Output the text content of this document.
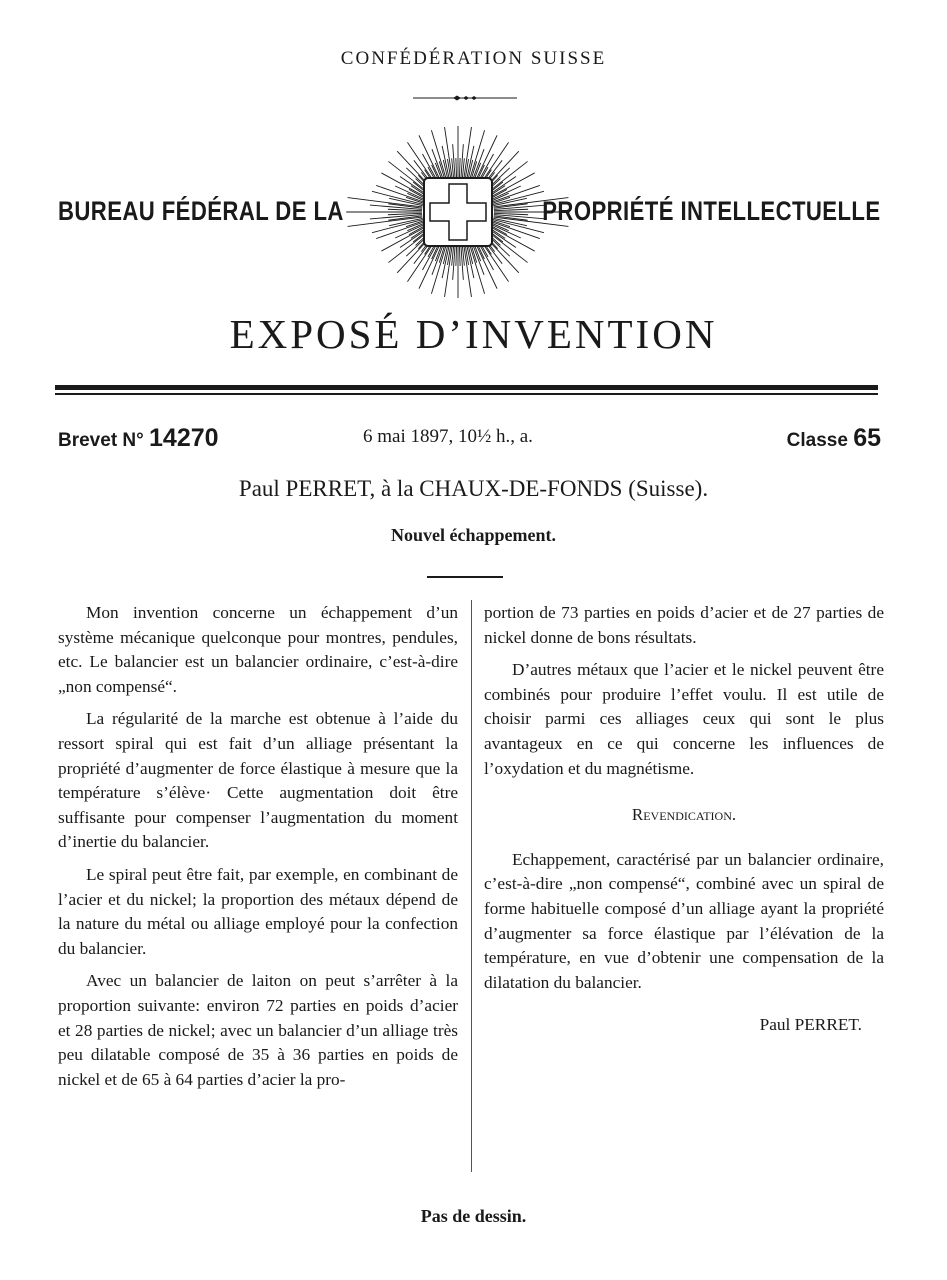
CONFÉDÉRATION SUISSE
BUREAU FÉDÉRAL DE LA	PROPRIÉTÉ INTELLECTUELLE
EXPOSÉ D’INVENTION
Brevet N° 14270	6 mai 1897, 10½ h., a.	Classe 65
Paul PERRET, à la CHAUX-DE-FONDS (Suisse).
Nouvel échappement.

Mon invention concerne un échappement d’un système mécanique quelconque pour montres, pendules, etc. Le balancier est un balancier ordinaire, c’est-à-dire „non compensé“.

La régularité de la marche est obtenue à l’aide du ressort spiral qui est fait d’un alliage présentant la propriété d’augmenter de force élastique à mesure que la température s’élève· Cette augmentation doit être suffisante pour compenser l’augmentation du moment d’inertie du balancier.

Le spiral peut être fait, par exemple, en combinant de l’acier et du nickel; la proportion des métaux dépend de la nature du métal ou alliage employé pour la confection du balancier.

Avec un balancier de laiton on peut s’arrêter à la proportion suivante: environ 72 parties en poids d’acier et 28 parties de nickel; avec un balancier d’un alliage très peu dilatable composé de 35 à 36 parties en poids de nickel et de 65 à 64 parties d’acier la pro-

portion de 73 parties en poids d’acier et de 27 parties de nickel donne de bons résultats.

D’autres métaux que l’acier et le nickel peuvent être combinés pour produire l’effet voulu. Il est utile de choisir parmi ces alliages ceux qui sont le plus avantageux en ce qui concerne les influences de l’oxydation et du magnétisme.

Revendication.

Echappement, caractérisé par un balancier ordinaire, c’est-à-dire „non compensé“, combiné avec un spiral de forme habituelle composé d’un alliage ayant la propriété d’augmenter sa force élastique par l’élévation de la température, en vue d’obtenir une compensation de la dilatation du balancier.

Paul PERRET.
Pas de dessin.
